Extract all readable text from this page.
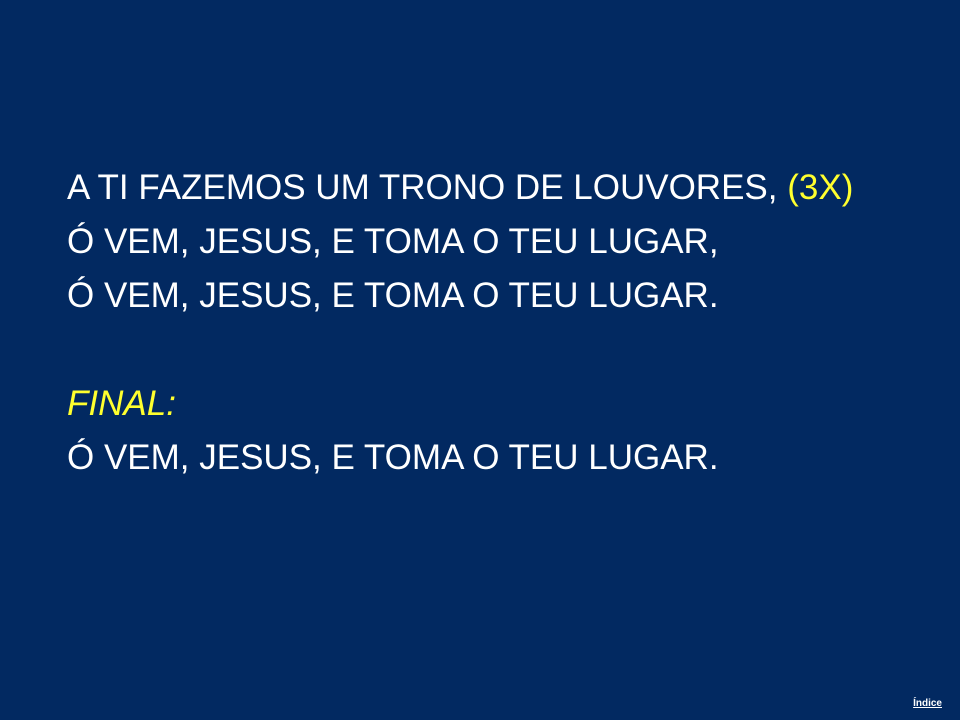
A TI FAZEMOS UM TRONO DE LOUVORES, (3X)
Ó VEM, JESUS, E TOMA O TEU LUGAR,
Ó VEM, JESUS, E TOMA O TEU LUGAR.
FINAL:
Ó VEM, JESUS, E TOMA O TEU LUGAR.
Índice
